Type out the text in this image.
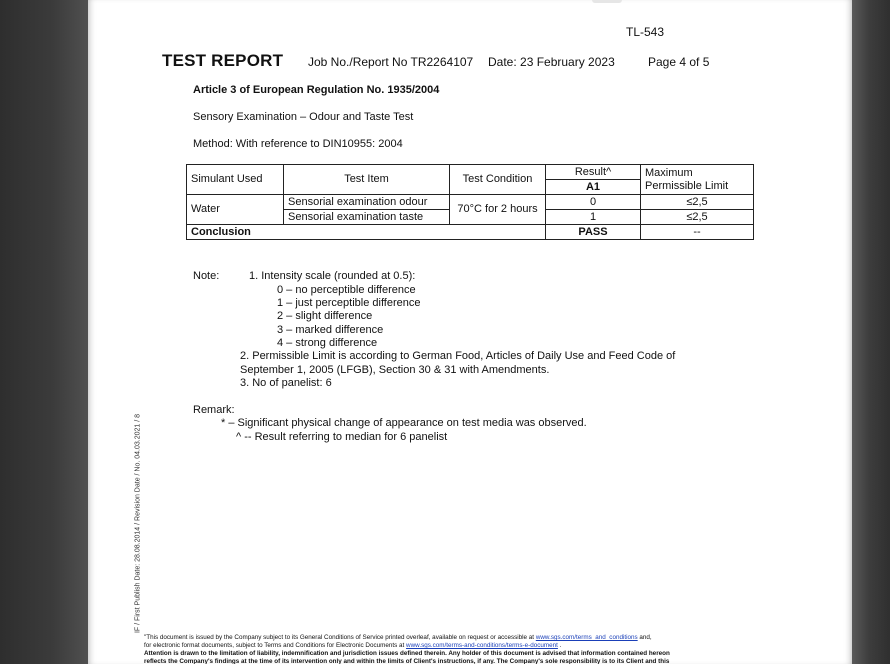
TL-543
TEST REPORT Job No./Report No TR2264107 Date: 23 February 2023	Page 4 of 5
Article 3 of European Regulation No. 1935/2004
Sensory Examination – Odour and Taste Test
Method: With reference to DIN10955: 2004
Simulant Used	Test Item	Test Condition	Result^	Maximum Permissible Limit
			A1	
Water	Sensorial examination odour	70°C for 2 hours	0	≤2,5
	Sensorial examination taste		1	≤2,5
Conclusion			PASS	--
Note:	1. Intensity scale (rounded at 0.5):
0 – no perceptible difference
1 – just perceptible difference
2 – slight difference
3 – marked difference
4 – strong difference
2. Permissible Limit is according to German Food, Articles of Daily Use and Feed Code of
September 1, 2005 (LFGB), Section 30 & 31 with Amendments.
3. No of panelist: 6
Remark:
* – Significant physical change of appearance on test media was observed.
^ -- Result referring to median for 6 panelist
IF / First Publish Date: 28.08.2014 / Revision Date / No. 04.03.2021 / 8
"This document is issued by the Company subject to its General Conditions of Service printed overleaf, available on request or accessible at www.sgs.com/terms_and_conditions and,
for electronic format documents, subject to Terms and Conditions for Electronic Documents at www.sgs.com/terms-and-conditions/terms-e-document .
Attention is drawn to the limitation of liability, indemnification and jurisdiction issues defined therein. Any holder of this document is advised that information contained hereon
reflects the Company's findings at the time of its intervention only and within the limits of Client's instructions, if any. The Company's sole responsibility is to its Client and this
